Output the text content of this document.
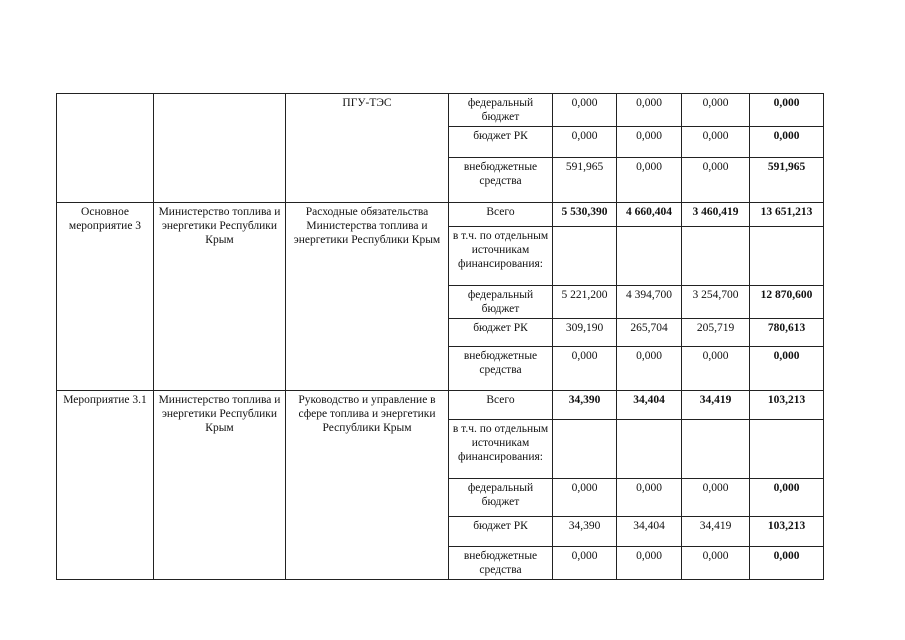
		ПГУ-ТЭС	федеральный бюджет	0,000	0,000	0,000	0,000
			бюджет РК	0,000	0,000	0,000	0,000
			внебюджетные средства	591,965	0,000	0,000	591,965
Основное мероприятие 3	Министерство топлива и энергетики Республики Крым	Расходные обязательства Министерства топлива и энергетики Республики Крым	Всего	5 530,390	4 660,404	3 460,419	13 651,213
			в т.ч. по отдельным источникам финансирования:				
			федеральный бюджет	5 221,200	4 394,700	3 254,700	12 870,600
			бюджет РК	309,190	265,704	205,719	780,613
			внебюджетные средства	0,000	0,000	0,000	0,000
Мероприятие 3.1	Министерство топлива и энергетики Республики Крым	Руководство и управление в сфере топлива и энергетики Республики Крым	Всего	34,390	34,404	34,419	103,213
			в т.ч. по отдельным источникам финансирования:				
			федеральный бюджет	0,000	0,000	0,000	0,000
			бюджет РК	34,390	34,404	34,419	103,213
			внебюджетные средства	0,000	0,000	0,000	0,000
